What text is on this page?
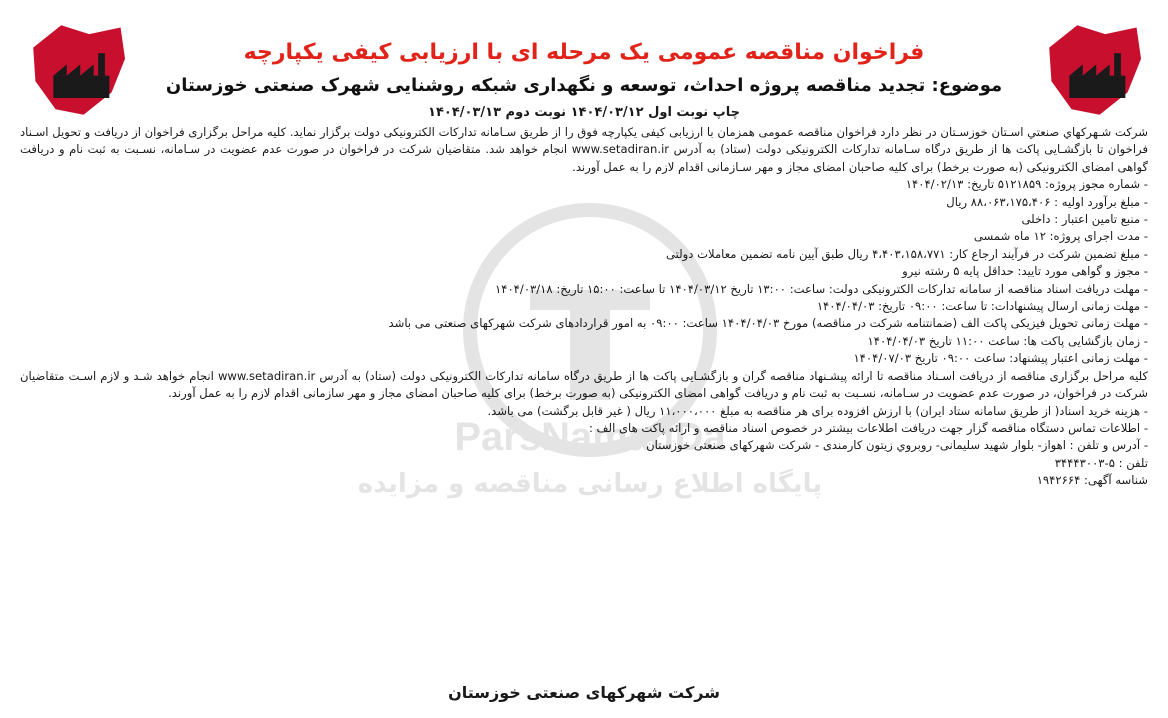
ParsNamadDa
پایگاه اطلاع رسانی مناقصه و مزایده
فراخوان مناقصه عمومی یک مرحله ای با ارزیابی کیفی یکپارچه
موضوع: تجدید مناقصه پروژه احداث، توسعه و نگهداری شبکه روشنایی شهرک صنعتی خوزستان
چاپ نوبت اول ۱۴۰۴/۰۳/۱۲ نوبت دوم ۱۴۰۴/۰۳/۱۳

شرکت شـهرکهاي صنعتي اسـتان خوزسـتان در نظر دارد فراخوان مناقصه عمومی همزمان با ارزيابی کيفی یکپارچه فوق را از طريق سـامانه تدارکات الکترونيکی دولت برگزار نمايد. کليه مراحل برگزاری فراخوان از دريافت و تحویل اسـناد فراخوان تا بازگشـايی پاکت ها از طريق درگاه سـامانه تدارکات الکترونيکی دولت (ستاد) به آدرس www.setadiran.ir انجام خواهد شد. متقاضيان شرکت در فراخوان در صورت عدم عضويت در سـامانه، نسـبت به ثبت نام و دريافت گواهی امضای الکترونيکی (به صورت برخط) برای کليه صاحبان امضای مجاز و مهر سـازمانی اقدام لازم را به عمل آورند.

- شماره مجوز پروژه: ۵۱۲۱۸۵۹ تاریخ: ۱۴۰۴/۰۲/۱۳
- مبلغ برآورد اولیه : ۸۸،۰۶۳،۱۷۵،۴۰۶ ریال
- منبع تامین اعتبار : داخلی
- مدت اجرای پروژه: ۱۲ ماه شمسی
- مبلغ تضمین شرکت در فرآیند ارجاع کار: ۴،۴۰۳،۱۵۸،۷۷۱ ریال طبق آیین نامه تضمین معاملات دولتی
- مجوز و گواهی مورد تایید: حداقل پایه ۵ رشته نیرو
- مهلت دریافت اسناد مناقصه از سامانه تدارکات الکترونیکی دولت: ساعت: ۱۳:۰۰ تاریخ ۱۴۰۴/۰۳/۱۲ تا ساعت: ۱۵:۰۰ تاریخ: ۱۴۰۴/۰۳/۱۸
- مهلت زمانی ارسال پیشنهادات: تا ساعت: ۰۹:۰۰ تاریخ: ۱۴۰۴/۰۴/۰۳
- مهلت زمانی تحویل فیزیکی پاکت الف (ضمانتنامه شرکت در مناقصه) مورخ ۱۴۰۴/۰۴/۰۳ ساعت: ۰۹:۰۰ به امور قراردادهای شرکت شهرکهای صنعتی می باشد
- زمان بازگشایی پاکت ها: ساعت ۱۱:۰۰ تاریخ ۱۴۰۴/۰۴/۰۳
- مهلت زمانی اعتبار پیشنهاد: ساعت ۰۹:۰۰ تاریخ ۱۴۰۴/۰۷/۰۳

کلیه مراحل برگزاری مناقصه از دریافت اسـناد مناقصه تا ارائه پیشـنهاد مناقصه گران و بازگشـایی پاکت ها از طریق درگاه سامانه تدارکات الکترونیکی دولت (ستاد) به آدرس www.setadiran.ir انجام خواهد شـد و لازم اسـت متقاضیان شرکت در فراخوان، در صورت عدم عضویت در سـامانه، نسـبت به ثبت نام و دریافت گواهی امضای الکترونیکی (به صورت برخط) برای کلیه صاحبان امضای مجاز و مهر سازمانی اقدام لازم را به عمل آورند.

- هزینه خرید اسناد( از طریق سامانه ستاد ایران) با ارزش افزوده برای هر مناقصه به مبلغ ۱۱،۰۰۰،۰۰۰ ریال ( غیر قابل برگشت) می باشد.
- اطلاعات تماس دستگاه مناقصه گزار جهت دریافت اطلاعات بیشتر در خصوص اسناد مناقصه و ارائه پاکت های الف :
- آدرس و تلفن : اهواز- بلوار شهید سلیمانی- روبروي زيتون كارمندی - شرکت شهرکهای صنعتی خوزستان
تلفن : ۵-۳۴۴۴۳۰۰۳
شناسه آگهی: ۱۹۴۲۶۶۴
شرکت شهرکهای صنعتی خوزستان
